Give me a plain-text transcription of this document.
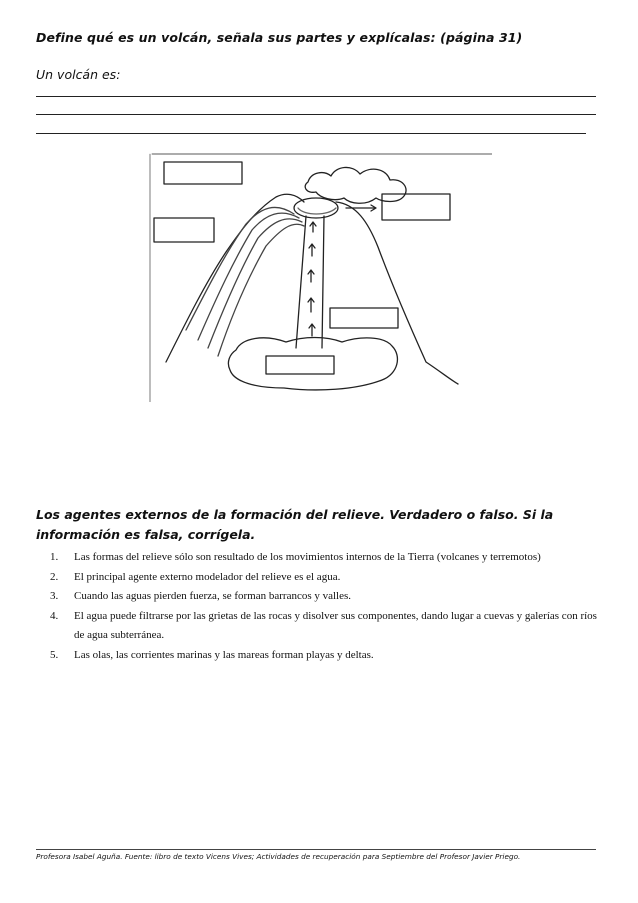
Define qué es un volcán, señala sus partes y explícalas: (página 31)
Un volcán es:
Los agentes externos de la formación del relieve. Verdadero o falso. Si la información es falsa, corrígela.
1.	Las formas del relieve sólo son resultado de los movimientos internos de la Tierra (volcanes y terremotos)
2.	El principal agente externo modelador del relieve es el agua.
3.	Cuando las aguas pierden fuerza, se forman barrancos y valles.
4.	El agua puede filtrarse por las grietas de las rocas y disolver sus componentes, dando lugar a cuevas y galerías con ríos de agua subterránea.
5.	Las olas, las corrientes marinas y las mareas forman playas y deltas.
Profesora Isabel Aguña. Fuente: libro de texto Vicens Vives; Actividades de recuperación para Septiembre del Profesor Javier Priego.
